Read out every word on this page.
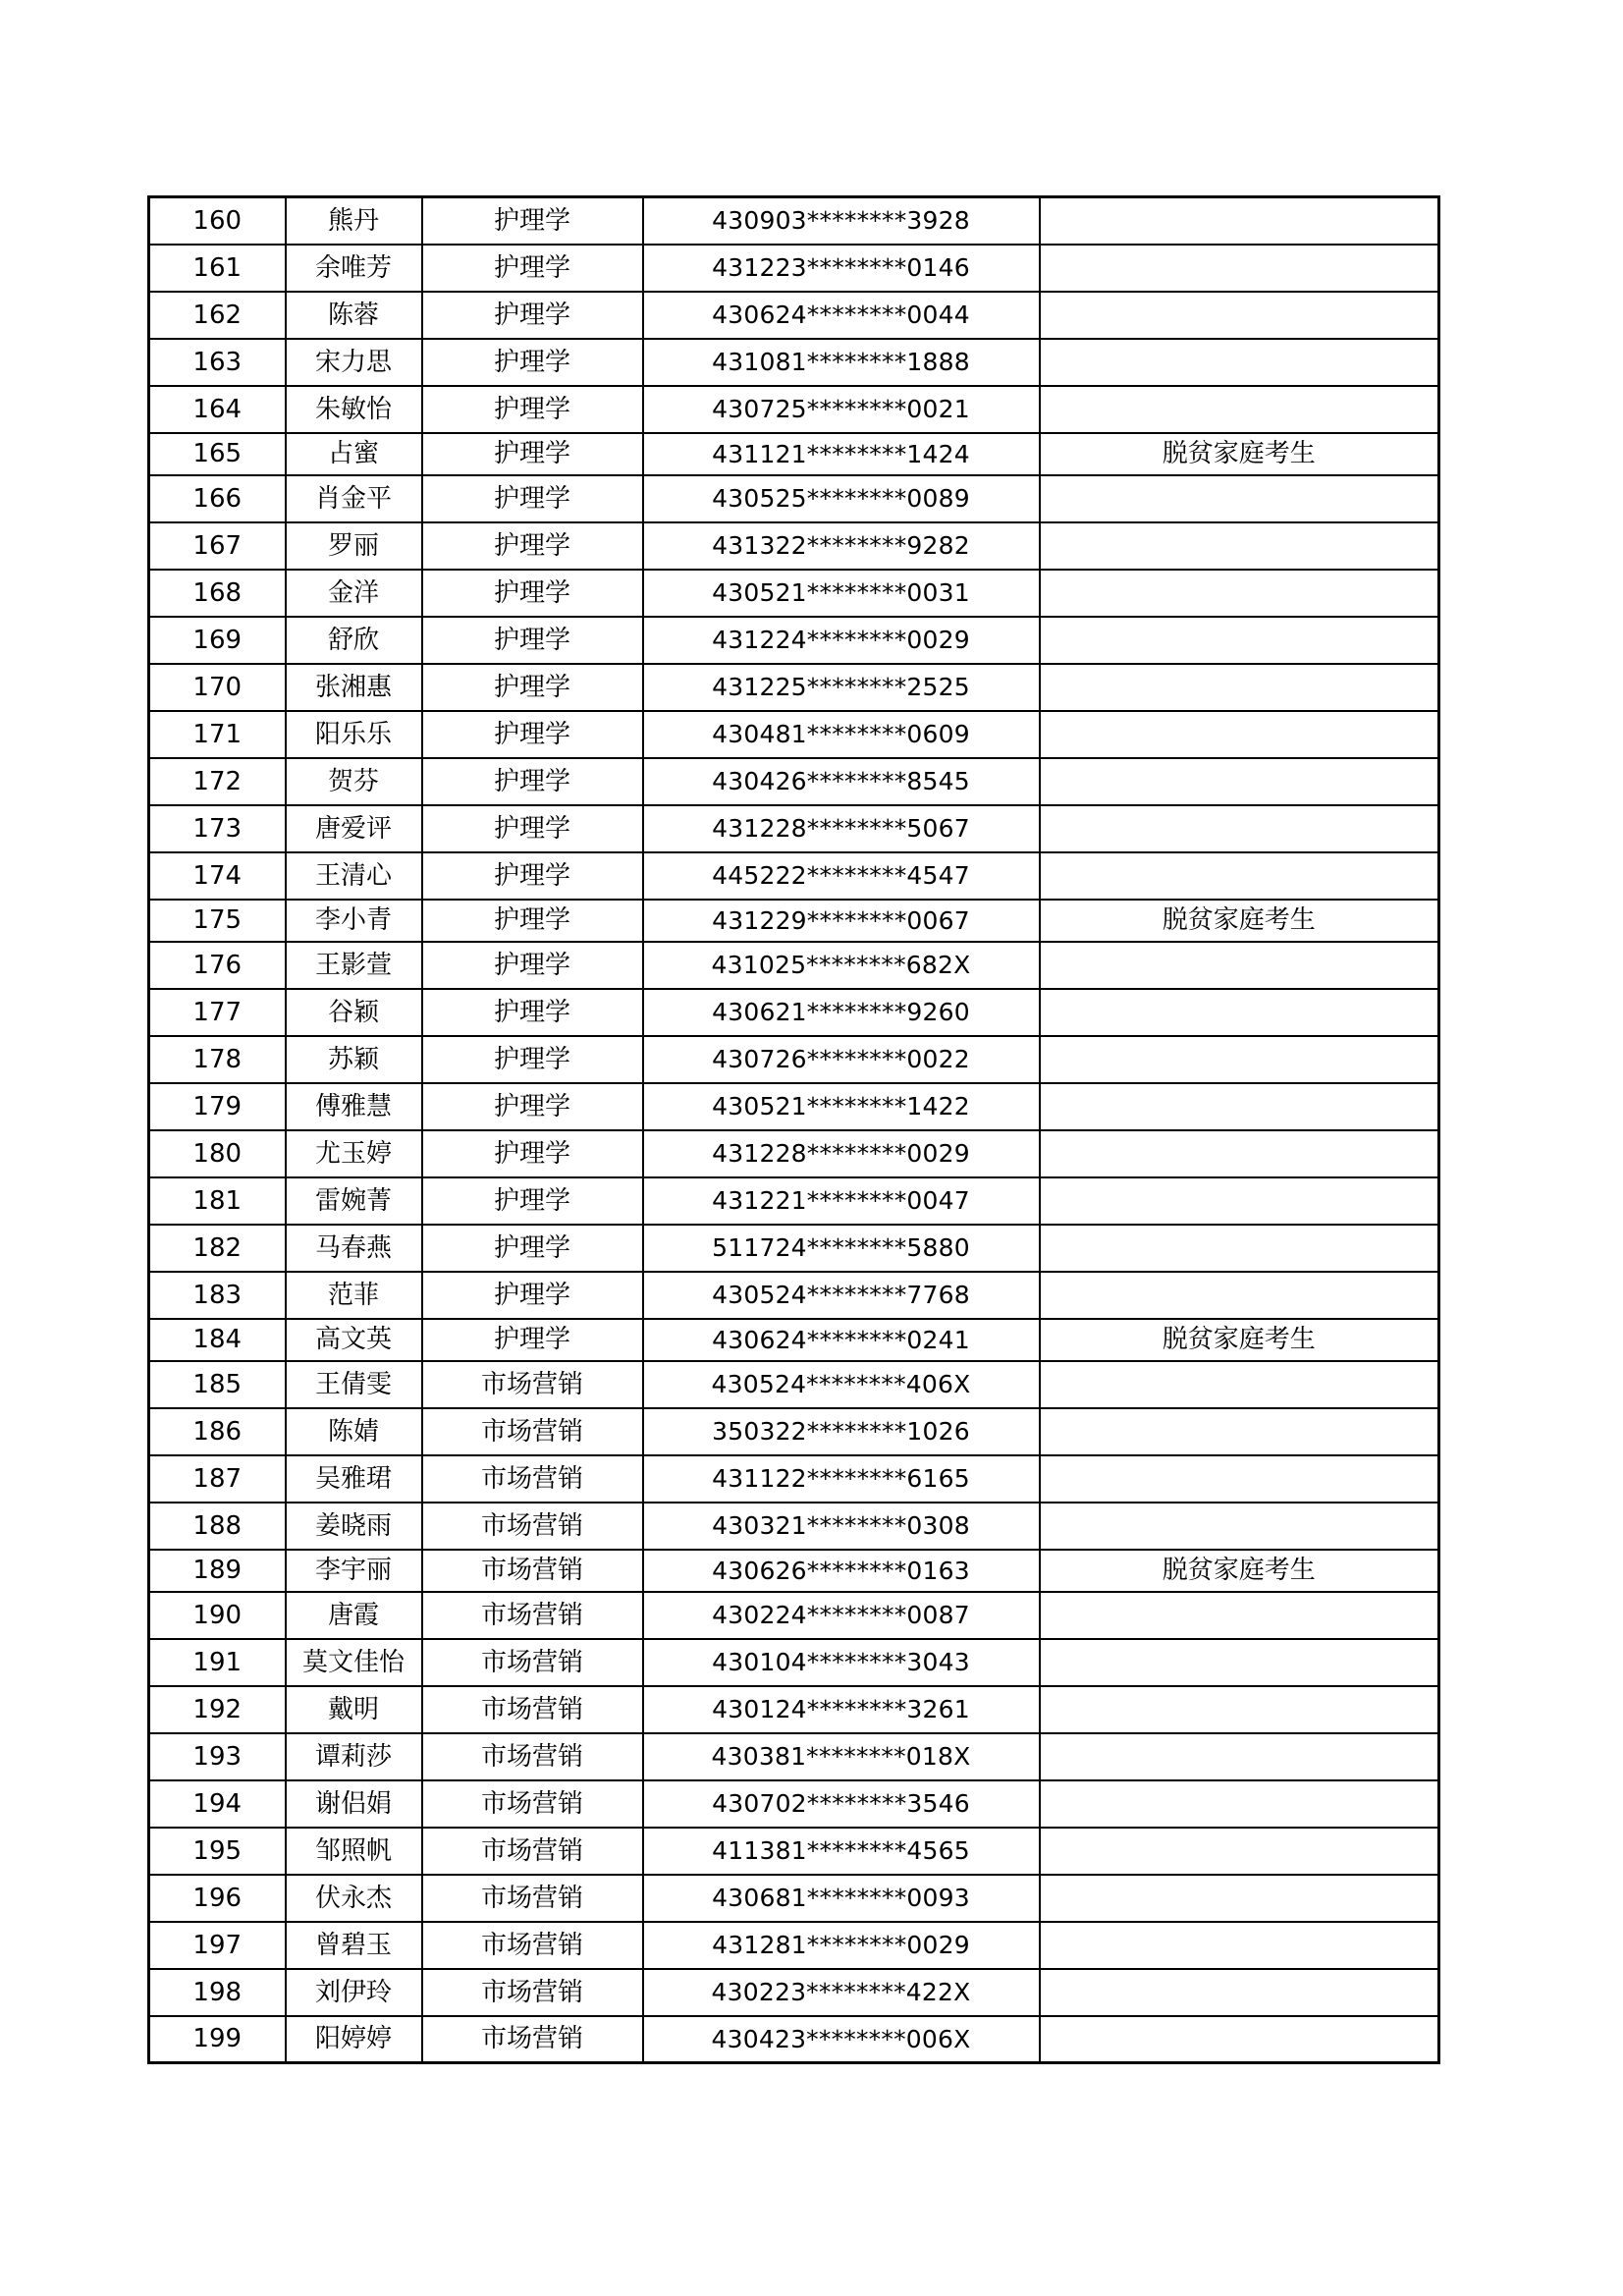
160	熊丹	护理学	430903********3928	
161	余唯芳	护理学	431223********0146	
162	陈蓉	护理学	430624********0044	
163	宋力思	护理学	431081********1888	
164	朱敏怡	护理学	430725********0021	
165	占蜜	护理学	431121********1424	脱贫家庭考生
166	肖金平	护理学	430525********0089	
167	罗丽	护理学	431322********9282	
168	金洋	护理学	430521********0031	
169	舒欣	护理学	431224********0029	
170	张湘惠	护理学	431225********2525	
171	阳乐乐	护理学	430481********0609	
172	贺芬	护理学	430426********8545	
173	唐爱评	护理学	431228********5067	
174	王清心	护理学	445222********4547	
175	李小青	护理学	431229********0067	脱贫家庭考生
176	王影萱	护理学	431025********682X	
177	谷颖	护理学	430621********9260	
178	苏颖	护理学	430726********0022	
179	傅雅慧	护理学	430521********1422	
180	尤玉婷	护理学	431228********0029	
181	雷婉菁	护理学	431221********0047	
182	马春燕	护理学	511724********5880	
183	范菲	护理学	430524********7768	
184	高文英	护理学	430624********0241	脱贫家庭考生
185	王倩雯	市场营销	430524********406X	
186	陈婧	市场营销	350322********1026	
187	吴雅珺	市场营销	431122********6165	
188	姜晓雨	市场营销	430321********0308	
189	李宇丽	市场营销	430626********0163	脱贫家庭考生
190	唐霞	市场营销	430224********0087	
191	莫文佳怡	市场营销	430104********3043	
192	戴明	市场营销	430124********3261	
193	谭莉莎	市场营销	430381********018X	
194	谢侣娟	市场营销	430702********3546	
195	邹照帆	市场营销	411381********4565	
196	伏永杰	市场营销	430681********0093	
197	曾碧玉	市场营销	431281********0029	
198	刘伊玲	市场营销	430223********422X	
199	阳婷婷	市场营销	430423********006X	
